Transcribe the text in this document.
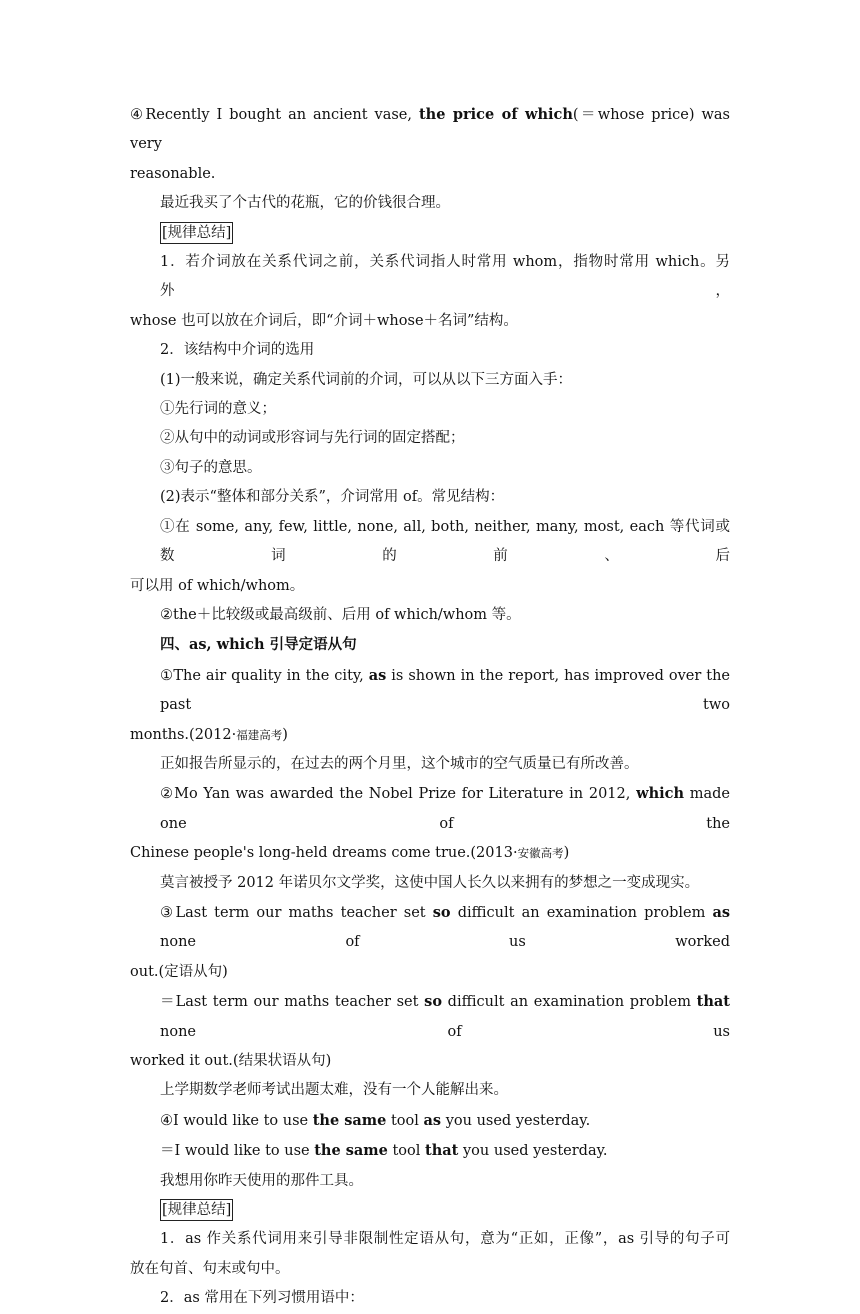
④Recently I bought an ancient vase, the price of which(＝whose price) was very
reasonable.
最近我买了个古代的花瓶，它的价钱很合理。
[规律总结]
1．若介词放在关系代词之前，关系代词指人时常用 whom，指物时常用 which。另外，
whose 也可以放在介词后，即“介词＋whose＋名词”结构。
2．该结构中介词的选用
(1)一般来说，确定关系代词前的介词，可以从以下三方面入手：
①先行词的意义；
②从句中的动词或形容词与先行词的固定搭配；
③句子的意思。
(2)表示“整体和部分关系”，介词常用 of。常见结构：
①在 some, any, few, little, none, all, both, neither, many, most, each 等代词或数词的前、后
可以用 of which/whom。
②the＋比较级或最高级前、后用 of which/whom 等。
四、as, which 引导定语从句
①The air quality in the city, as is shown in the report, has improved over the past two
months.(2012·福建高考)
正如报告所显示的，在过去的两个月里，这个城市的空气质量已有所改善。
②Mo Yan was awarded the Nobel Prize for Literature in 2012, which made one of the
Chinese people's long-held dreams come true.(2013·安徽高考)
莫言被授予 2012 年诺贝尔文学奖，这使中国人长久以来拥有的梦想之一变成现实。
③Last term our maths teacher set so difficult an examination problem as none of us worked
out.(定语从句)
＝Last term our maths teacher set so difficult an examination problem that none of us
worked it out.(结果状语从句)
上学期数学老师考试出题太难，没有一个人能解出来。
④I would like to use the same tool as you used yesterday.
＝I would like to use the same tool that you used yesterday.
我想用你昨天使用的那件工具。
[规律总结]
1．as 作关系代词用来引导非限制性定语从句，意为“正如，正像”，as 引导的句子可
放在句首、句末或句中。
2．as 常用在下列习惯用语中：
